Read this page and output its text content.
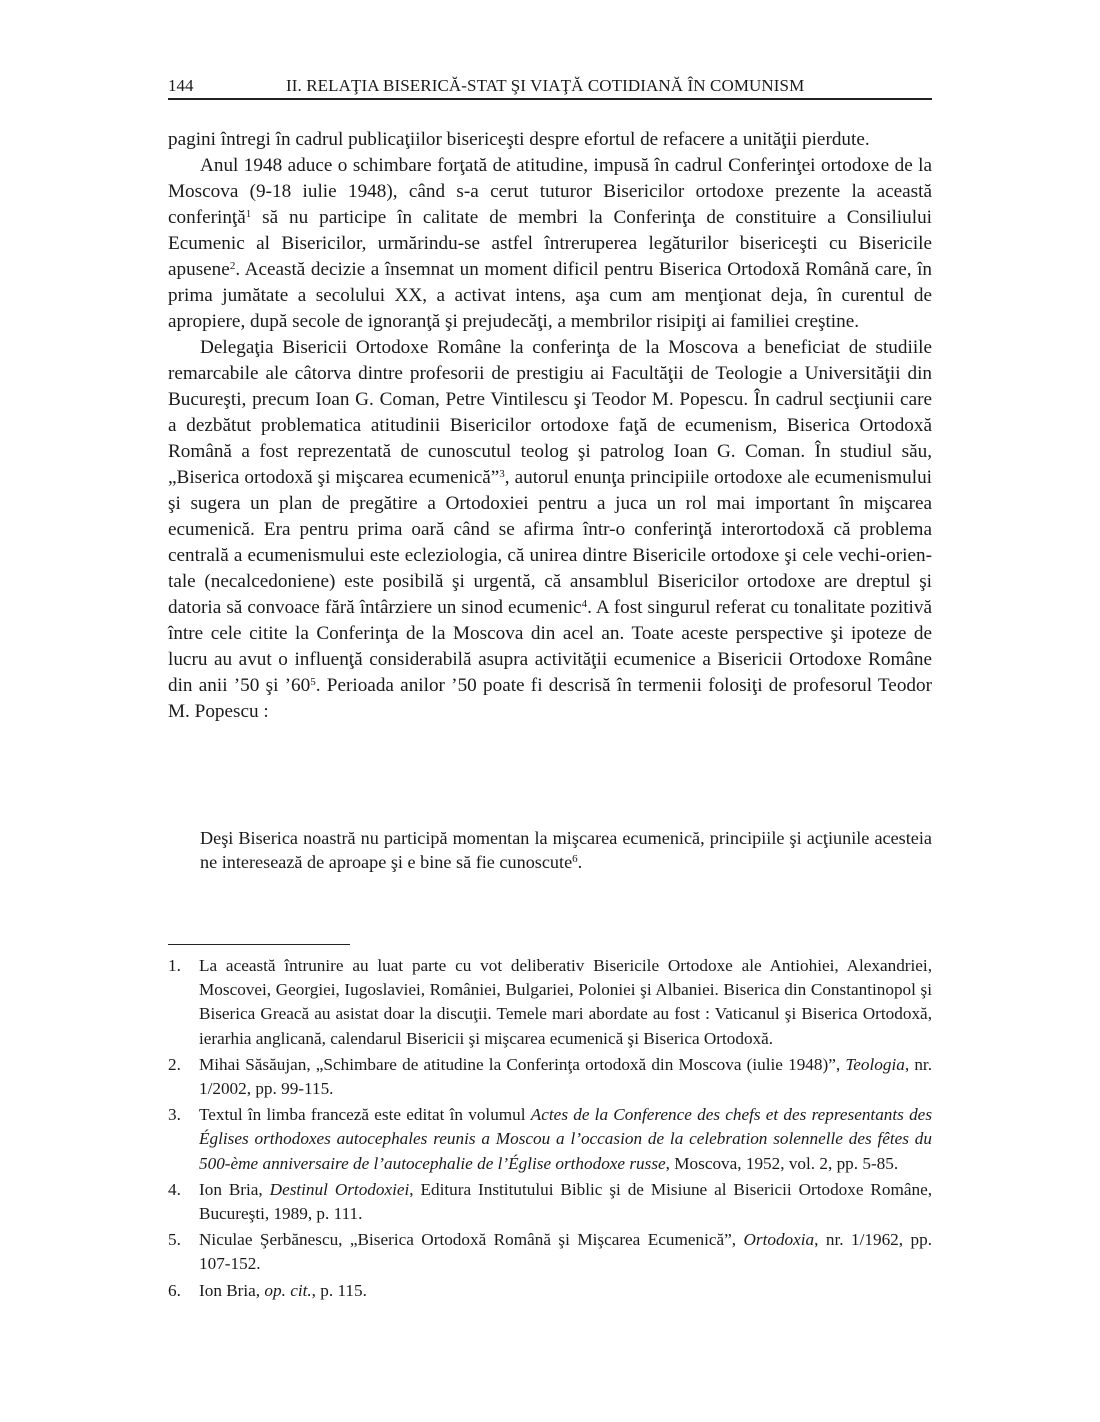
144	II. RELAŢIA BISERICĂ-STAT ŞI VIAŢĂ COTIDIANĂ ÎN COMUNISM

pagini întregi în cadrul publicaţiilor bisericeşti despre efortul de refacere a unităţii pierdute.

Anul 1948 aduce o schimbare forţată de atitudine, impusă în cadrul Conferinţei ortodoxe de la Moscova (9-18 iulie 1948), când s-a cerut tuturor Bisericilor ortodoxe prezente la această conferinţă$^1$ să nu participe în calitate de membri la Conferinţa de constituire a Consiliului Ecumenic al Bisericilor, urmărindu-se astfel întreruperea legăturilor bisericeşti cu Bisericile apusene$^2$. Această decizie a însemnat un moment dificil pentru Biserica Ortodoxă Română care, în prima jumătate a secolului XX, a activat intens, aşa cum am menţionat deja, în curentul de apropiere, după secole de ignoranţă şi prejudecăţi, a membrilor risipiţi ai familiei creştine.

Delegaţia Bisericii Ortodoxe Române la conferinţa de la Moscova a beneficiat de studiile remarcabile ale câtorva dintre profesorii de prestigiu ai Facultăţii de Teologie a Universităţii din Bucureşti, precum Ioan G. Coman, Petre Vintilescu şi Teodor M. Popescu. În cadrul secţiunii care a dezbătut problematica atitudinii Bisericilor ortodoxe faţă de ecumenism, Biserica Ortodoxă Română a fost reprezentată de cunoscutul teolog şi patrolog Ioan G. Coman. În studiul său, „Biserica ortodoxă şi mişcarea ecumenică”$^3$, autorul enunţa principiile ortodoxe ale ecumenismului şi sugera un plan de pregătire a Ortodoxiei pentru a juca un rol mai important în mişcarea ecumenică. Era pentru prima oară când se afirma într-o conferinţă interortodoxă că problema centrală a ecumenismului este ecleziologia, că unirea dintre Bisericile ortodoxe şi cele vechi-orientale (necalcedoniene) este posibilă şi urgentă, că ansamblul Bisericilor ortodoxe are dreptul şi datoria să convoace fără întârziere un sinod ecumenic$^4$. A fost singurul referat cu tonalitate pozitivă între cele citite la Conferinţa de la Moscova din acel an. Toate aceste perspective şi ipoteze de lucru au avut o influenţă considerabilă asupra activităţii ecumenice a Bisericii Ortodoxe Române din anii ’50 şi $’60^5$. Perioada anilor ’50 poate fi descrisă în termenii folosiţi de profesorul Teodor M. Popescu :

Deşi Biserica noastră nu participă momentan la mişcarea ecumenică, principiile şi acţiunile acesteia ne interesează de aproape şi e bine să fie cunoscute$^6$.

1. La această întrunire au luat parte cu vot deliberativ Bisericile Ortodoxe ale Antiohiei, Alexandriei, Moscovei, Georgiei, Iugoslaviei, României, Bulgariei, Poloniei şi Albaniei. Biserica din Constantinopol şi Biserica Greacă au asistat doar la discuţii. Temele mari abordate au fost : Vaticanul şi Biserica Ortodoxă, ierarhia anglicană, calendarul Bisericii şi mişcarea ecumenică şi Biserica Ortodoxă.
2. Mihai Săsăujan, „Schimbare de atitudine la Conferinţa ortodoxă din Moscova (iulie 1948)”, Teologia, nr. 1/2002, pp. 99-115.
3. Textul în limba franceză este editat în volumul Actes de la Conference des chefs et des representants des Églises orthodoxes autocephales reunis a Moscou a l’occasion de la celebration solennelle des fêtes du 500-ème anniversaire de l’autocephalie de l’Église orthodoxe russe, Moscova, 1952, vol. 2, pp. 5-85.
4. Ion Bria, Destinul Ortodoxiei, Editura Institutului Biblic şi de Misiune al Bisericii Ortodoxe Române, Bucureşti, 1989, p. 111.
5. Niculae Şerbănescu, „Biserica Ortodoxă Română şi Mişcarea Ecumenică”, Ortodoxia, nr. 1/1962, pp. 107-152.
6. Ion Bria, op. cit., p. 115.
